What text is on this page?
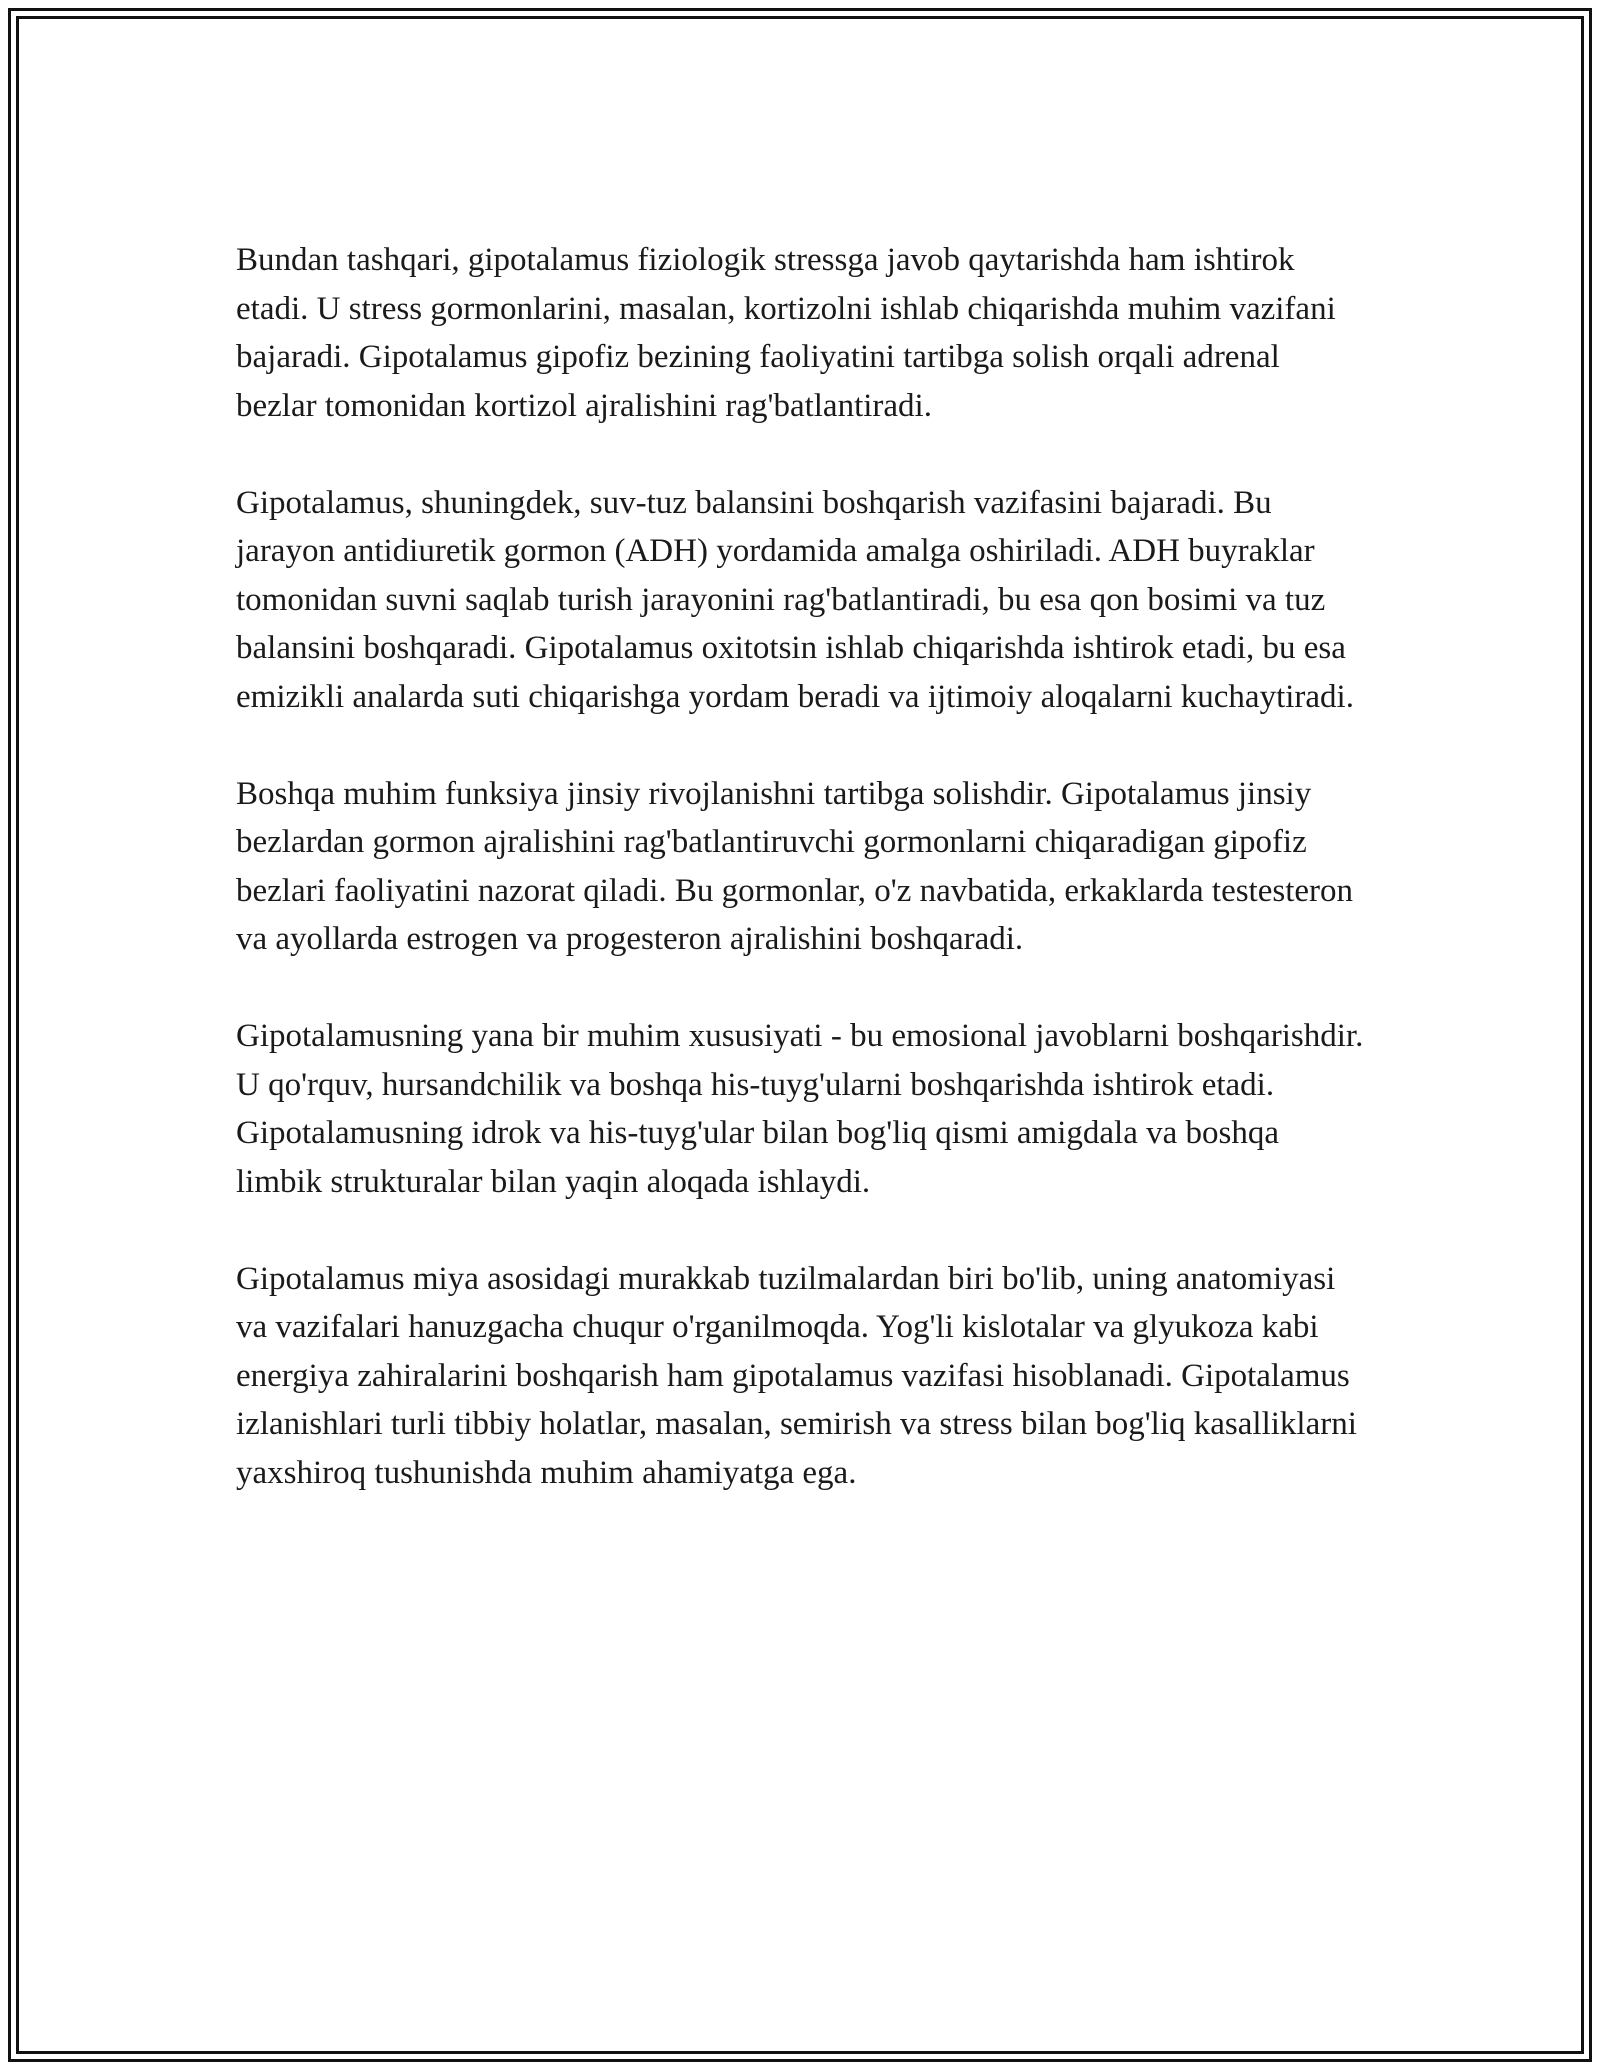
Bundan tashqari, gipotalamus fiziologik stressga javob qaytarishda ham ishtirok etadi. U stress gormonlarini, masalan, kortizolni ishlab chiqarishda muhim vazifani bajaradi. Gipotalamus gipofiz bezining faoliyatini tartibga solish orqali adrenal bezlar tomonidan kortizol ajralishini rag'batlantiradi.

Gipotalamus, shuningdek, suv-tuz balansini boshqarish vazifasini bajaradi. Bu jarayon antidiuretik gormon (ADH) yordamida amalga oshiriladi. ADH buyraklar tomonidan suvni saqlab turish jarayonini rag'batlantiradi, bu esa qon bosimi va tuz balansini boshqaradi. Gipotalamus oxitotsin ishlab chiqarishda ishtirok etadi, bu esa emizikli analarda suti chiqarishga yordam beradi va ijtimoiy aloqalarni kuchaytiradi.

Boshqa muhim funksiya jinsiy rivojlanishni tartibga solishdir. Gipotalamus jinsiy bezlardan gormon ajralishini rag'batlantiruvchi gormonlarni chiqaradigan gipofiz bezlari faoliyatini nazorat qiladi. Bu gormonlar, o'z navbatida, erkaklarda testesteron va ayollarda estrogen va progesteron ajralishini boshqaradi.

Gipotalamusning yana bir muhim xususiyati - bu emosional javoblarni boshqarishdir. U qo'rquv, hursandchilik va boshqa his-tuyg'ularni boshqarishda ishtirok etadi. Gipotalamusning idrok va his-tuyg'ular bilan bog'liq qismi amigdala va boshqa limbik strukturalar bilan yaqin aloqada ishlaydi.

Gipotalamus miya asosidagi murakkab tuzilmalardan biri bo'lib, uning anatomiyasi va vazifalari hanuzgacha chuqur o'rganilmoqda. Yog'li kislotalar va glyukoza kabi energiya zahiralarini boshqarish ham gipotalamus vazifasi hisoblanadi. Gipotalamus izlanishlari turli tibbiy holatlar, masalan, semirish va stress bilan bog'liq kasalliklarni yaxshiroq tushunishda muhim ahamiyatga ega.
